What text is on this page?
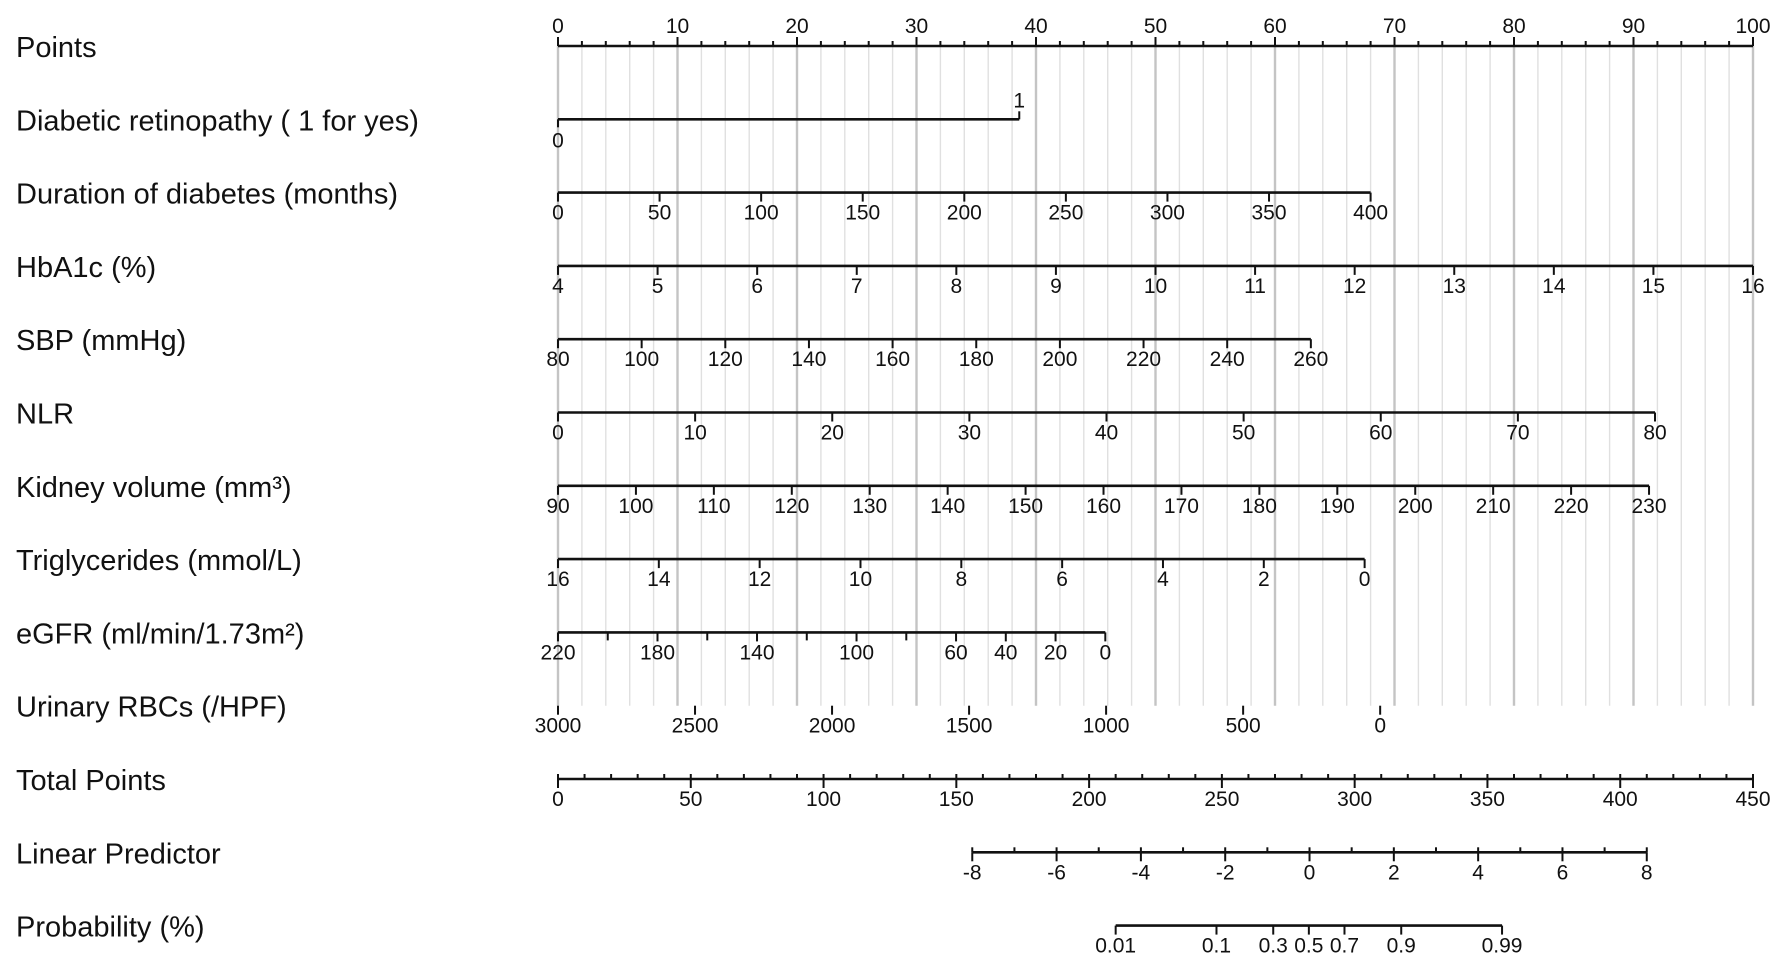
Points
0	10	20	30	40	50	60	70	80	90	100
Diabetic retinopathy ( 1 for yes)
0
1
Duration of diabetes (months)
0	50	100	150	200	250	300	350	400
HbA1c (%)
4	5	6	7	8	9	10	11	12	13	14	15	16
SBP (mmHg)
80	100 120 140 160 180 200 220 240 260
NLR
0	10	20	30	40	50	60	70	80
Kidney volume (mm³)
90 100 110 120 130 140 150 160 170 180 190 200 210 220 230
Triglycerides (mmol/L)
16	14	12	10	8	6	4	2	0
eGFR (ml/min/1.73m²)
220	180	140	100	60 40 20 0
Urinary RBCs (/HPF)
3000	2500	2000	1500	1000	500	0
Total Points
0	50	100	150	200	250	300	350	400	450
Linear Predictor
-8	-6	-4	-2	0	2	4	6	8
Probability (%)
0.01	0.1 0.3 0.5 0.7 0.9	0.99
